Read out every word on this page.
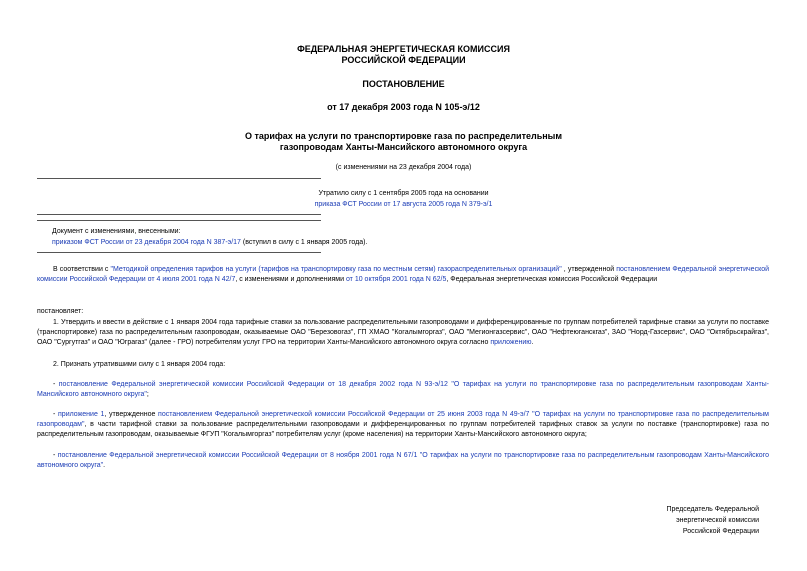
ФЕДЕРАЛЬНАЯ ЭНЕРГЕТИЧЕСКАЯ КОМИССИЯ
РОССИЙСКОЙ ФЕДЕРАЦИИ
ПОСТАНОВЛЕНИЕ
от 17 декабря 2003 года N 105-э/12
О тарифах на услуги по транспортировке газа по распределительным
газопроводам Ханты-Мансийского автономного округа
(с изменениями на 23 декабря 2004 года)
Утратило силу с 1 сентября 2005 года на основании
приказа ФСТ России от 17 августа 2005 года N 379-э/1
Документ с изменениями, внесенными:
приказом ФСТ России от 23 декабря 2004 года N 387-э/17 (вступил в силу с 1 января 2005 года).
В соответствии с "Методикой определения тарифов на услуги (тарифов на транспортировку газа по местным сетям) газораспределительных организаций" , утвержденной постановлением Федеральной энергетической комиссии Российской Федерации от 4 июля 2001 года N 42/7, с изменениями и дополнениями от 10 октября 2001 года N 62/5, Федеральная энергетическая комиссия Российской Федерации
постановляет:
1. Утвердить и ввести в действие с 1 января 2004 года тарифные ставки за пользование распределительными газопроводами и дифференцированные по группам потребителей тарифные ставки за услуги по поставке (транспортировке) газа по распределительным газопроводам, оказываемые ОАО "Березовогаз", ГП ХМАО "Когалымгоргаз", ОАО "Мегионгазсервис", ОАО "Нефтеюганскгаз", ЗАО "Норд-Газсервис", ОАО "Октябрьскрайгаз", ОАО "Сургутгаз" и ОАО "Юграгаз" (далее - ГРО) потребителям услуг ГРО на территории Ханты-Мансийского автономного округа согласно приложению.
2. Признать утратившими силу с 1 января 2004 года:
- постановление Федеральной энергетической комиссии Российской Федерации от 18 декабря 2002 года N 93-э/12 "О тарифах на услуги по транспортировке газа по распределительным газопроводам Ханты-Мансийского автономного округа";
- приложение 1, утвержденное постановлением Федеральной энергетической комиссии Российской Федерации от 25 июня 2003 года N 49-э/7 "О тарифах на услуги по транспортировке газа по распределительным газопроводам", в части тарифной ставки за пользование распределительными газопроводами и дифференцированных по группам потребителей тарифных ставок за услуги по поставке (транспортировке) газа по распределительным газопроводам, оказываемые ФГУП "Когалымгоргаз" потребителям услуг (кроме населения) на территории Ханты-Мансийского автономного округа;
- постановление Федеральной энергетической комиссии Российской Федерации от 8 ноября 2001 года N 67/1 "О тарифах на услуги по транспортировке газа по распределительным газопроводам Ханты-Мансийского автономного округа".
Председатель Федеральной
энергетической комиссии
Российской Федерации
